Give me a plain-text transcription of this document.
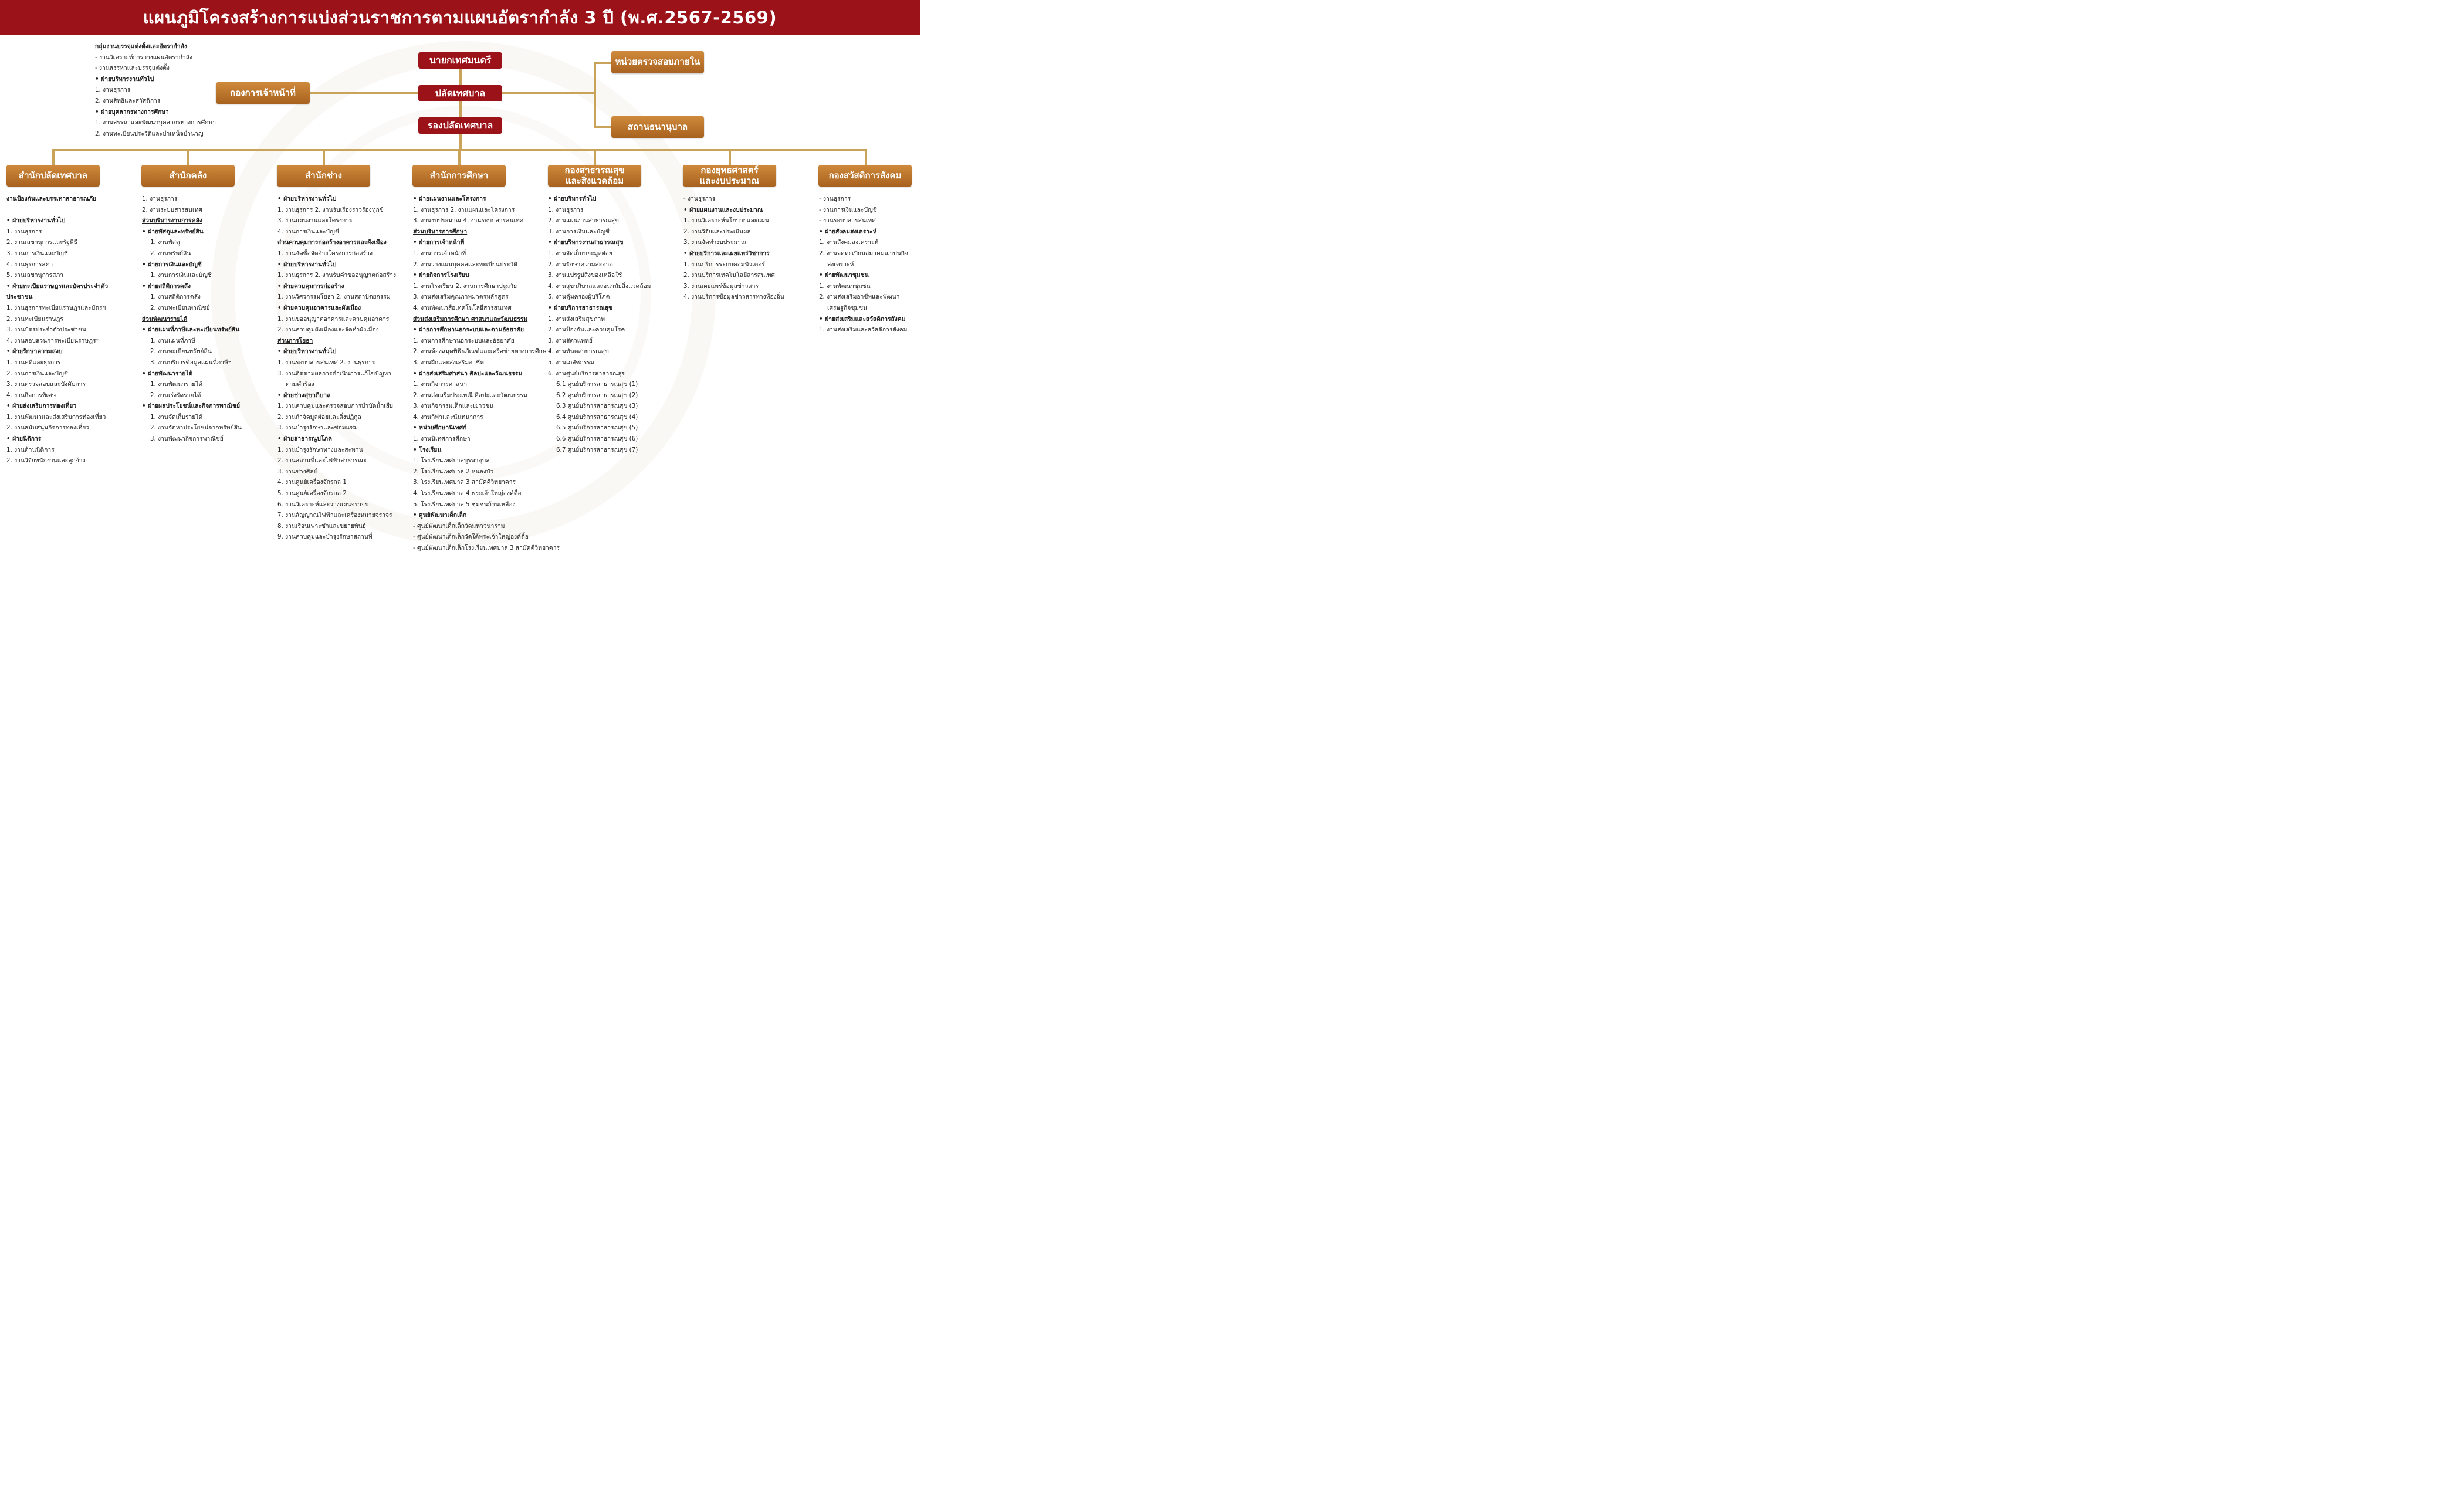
แผนภูมิโครงสร้างการแบ่งส่วนราชการตามแผนอัตรากำลัง 3 ปี (พ.ศ.2567-2569)
นายกเทศมนตรี
ปลัดเทศบาล
รองปลัดเทศบาล
กองการเจ้าหน้าที่
หน่วยตรวจสอบภายใน
สถานธนานุบาล
กลุ่มงานบรรจุแต่งตั้งและอัตรากำลัง
- งานวิเคราะห์การวางแผนอัตรากำลัง
- งานสรรหาและบรรจุแต่งตั้ง
• ฝ่ายบริหารงานทั่วไป
1. งานธุรการ
2. งานสิทธิและสวัสดิการ
• ฝ่ายบุคลากรทางการศึกษา
1. งานสรรหาและพัฒนาบุคลากรทางการศึกษา
2. งานทะเบียนประวัติและบำเหน็จบำนาญ
สำนักปลัดเทศบาล	สำนักคลัง	สำนักช่าง	สำนักการศึกษา	กองสาธารณสุข
และสิ่งแวดล้อม
กองยุทธศาสตร์
และงบประมาณ	กองสวัสดิการสังคม
งานป้องกันและบรรเทาสาธารณภัย
• ฝ่ายบริหารงานทั่วไป
1. งานธุรการ
2. งานเลขานุการและรัฐพิธี
3. งานการเงินและบัญชี
4. งานธุรการสภา
5. งานเลขานุการสภา
• ฝ่ายทะเบียนราษฎรและบัตรประจำตัว
ประชาชน
1. งานธุรการทะเบียนราษฎรและบัตรฯ
2. งานทะเบียนราษฎร
3. งานบัตรประจำตัวประชาชน
4. งานสอบสวนการทะเบียนราษฎรฯ
• ฝ่ายรักษาความสงบ
1. งานคดีและธุรการ
2. งานการเงินและบัญชี
3. งานตรวจสอบและบังคับการ
4. งานกิจการพิเศษ
• ฝ่ายส่งเสริมการท่องเที่ยว
1. งานพัฒนาและส่งเสริมการท่องเที่ยว
2. งานสนับสนุนกิจการท่องเที่ยว
• ฝ่ายนิติการ
1. งานด้านนิติการ
2. งานวิจัยพนักงานและลูกจ้าง
1. งานธุรการ
2. งานระบบสารสนเทศ
ส่วนบริหารงานการคลัง
• ฝ่ายพัสดุและทรัพย์สิน
1. งานพัสดุ
2. งานทรัพย์สิน
• ฝ่ายการเงินและบัญชี
1. งานการเงินและบัญชี
• ฝ่ายสถิติการคลัง
1. งานสถิติการคลัง
2. งานทะเบียนพาณิชย์
ส่วนพัฒนารายได้
• ฝ่ายแผนที่ภาษีและทะเบียนทรัพย์สิน
1. งานแผนที่ภาษี
2. งานทะเบียนทรัพย์สิน
3. งานบริการข้อมูลแผนที่ภาษีฯ
• ฝ่ายพัฒนารายได้
1. งานพัฒนารายได้
2. งานเร่งรัดรายได้
• ฝ่ายผลประโยชน์และกิจการพาณิชย์
1. งานจัดเก็บรายได้
2. งานจัดหาประโยชน์จากทรัพย์สิน
3. งานพัฒนากิจการพาณิชย์
• ฝ่ายบริหารงานทั่วไป
1. งานธุรการ 2. งานรับเรื่องราวร้องทุกข์
3. งานแผนงานและโครงการ
4. งานการเงินและบัญชี
ส่วนควบคุมการก่อสร้างอาคารและผังเมือง
1. งานจัดซื้อจัดจ้างโครงการก่อสร้าง
• ฝ่ายบริหารงานทั่วไป
1. งานธุรการ 2. งานรับคำขออนุญาตก่อสร้าง
• ฝ่ายควบคุมการก่อสร้าง
1. งานวิศวกรรมโยธา 2. งานสถาปัตยกรรม
• ฝ่ายควบคุมอาคารและผังเมือง
1. งานขออนุญาตอาคารและควบคุมอาคาร
2. งานควบคุมผังเมืองและจัดทำผังเมือง
ส่วนการโยธา
• ฝ่ายบริหารงานทั่วไป
1. งานระบบสารสนเทศ 2. งานธุรการ
3. งานติดตามผลการดำเนินการแก้ไขปัญหา
ตามคำร้อง
• ฝ่ายช่างสุขาภิบาล
1. งานควบคุมและตรวจสอบการบำบัดน้ำเสีย
2. งานกำจัดมูลฝอยและสิ่งปฏิกูล
3. งานบำรุงรักษาและซ่อมแซม
• ฝ่ายสาธารณูปโภค
1. งานบำรุงรักษาทางและสะพาน
2. งานสถานที่และไฟฟ้าสาธารณะ
3. งานช่างศิลป์
4. งานศูนย์เครื่องจักรกล 1
5. งานศูนย์เครื่องจักรกล 2
6. งานวิเคราะห์และวางแผนจราจร
7. งานสัญญาณไฟฟ้าและเครื่องหมายจราจร
8. งานเรือนเพาะชำและขยายพันธุ์
9. งานควบคุมและบำรุงรักษาสถานที่
• ฝ่ายแผนงานและโครงการ
1. งานธุรการ 2. งานแผนและโครงการ
3. งานงบประมาณ 4. งานระบบสารสนเทศ
ส่วนบริหารการศึกษา
• ฝ่ายการเจ้าหน้าที่
1. งานการเจ้าหน้าที่
2. งานวางแผนบุคคลและทะเบียนประวัติ
• ฝ่ายกิจการโรงเรียน
1. งานโรงเรียน 2. งานการศึกษาปฐมวัย
3. งานส่งเสริมคุณภาพมาตรหลักสูตร
4. งานพัฒนาสื่อเทคโนโลยีสารสนเทศ
ส่วนส่งเสริมการศึกษา ศาสนาและวัฒนธรรม
• ฝ่ายการศึกษานอกระบบและตามอัธยาศัย
1. งานการศึกษานอกระบบและอัธยาศัย
2. งานห้องสมุดพิพิธภัณฑ์และเครือข่ายทางการศึกษา
3. งานฝึกและส่งเสริมอาชีพ
• ฝ่ายส่งเสริมศาสนา ศิลปะและวัฒนธรรม
1. งานกิจการศาสนา
2. งานส่งเสริมประเพณี ศิลปะและวัฒนธรรม
3. งานกิจกรรมเด็กและเยาวชน
4. งานกีฬาและนันทนาการ
• หน่วยศึกษานิเทศก์
1. งานนิเทศการศึกษา
• โรงเรียน
1. โรงเรียนเทศบาลบูรพาอุบล
2. โรงเรียนเทศบาล 2 หนองบัว
3. โรงเรียนเทศบาล 3 สามัคคีวิทยาคาร
4. โรงเรียนเทศบาล 4 พระเจ้าใหญ่องค์ตื้อ
5. โรงเรียนเทศบาล 5 ชุมชนก้านเหลือง
• ศูนย์พัฒนาเด็กเล็ก
- ศูนย์พัฒนาเด็กเล็กวัดมหาวนาราม
- ศูนย์พัฒนาเด็กเล็กวัดใต้พระเจ้าใหญ่องค์ตื้อ
- ศูนย์พัฒนาเด็กเล็กโรงเรียนเทศบาล 3 สามัคคีวิทยาคาร
• ฝ่ายบริหารทั่วไป
1. งานธุรการ
2. งานแผนงานสาธารณสุข
3. งานการเงินและบัญชี
• ฝ่ายบริหารงานสาธารณสุข
1. งานจัดเก็บขยะมูลฝอย
2. งานรักษาความสะอาด
3. งานแปรรูปสิ่งของเหลือใช้
4. งานสุขาภิบาลและอนามัยสิ่งแวดล้อม
5. งานคุ้มครองผู้บริโภค
• ฝ่ายบริการสาธารณสุข
1. งานส่งเสริมสุขภาพ
2. งานป้องกันและควบคุมโรค
3. งานสัตวแพทย์
4. งานทันตสาธารณสุข
5. งานเภสัชกรรม
6. งานศูนย์บริการสาธารณสุข
6.1 ศูนย์บริการสาธารณสุข (1)
6.2 ศูนย์บริการสาธารณสุข (2)
6.3 ศูนย์บริการสาธารณสุข (3)
6.4 ศูนย์บริการสาธารณสุข (4)
6.5 ศูนย์บริการสาธารณสุข (5)
6.6 ศูนย์บริการสาธารณสุข (6)
6.7 ศูนย์บริการสาธารณสุข (7)
- งานธุรการ
• ฝ่ายแผนงานและงบประมาณ
1. งานวิเคราะห์นโยบายและแผน
2. งานวิจัยและประเมินผล
3. งานจัดทำงบประมาณ
• ฝ่ายบริการและเผยแพร่วิชาการ
1. งานบริการระบบคอมพิวเตอร์
2. งานบริการเทคโนโลยีสารสนเทศ
3. งานเผยแพร่ข้อมูลข่าวสาร
4. งานบริการข้อมูลข่าวสารทางท้องถิ่น
- งานธุรการ
- งานการเงินและบัญชี
- งานระบบสารสนเทศ
• ฝ่ายสังคมสงเคราะห์
1. งานสังคมสงเคราะห์
2. งานจดทะเบียนสมาคมฌาปนกิจ
สงเคราะห์
• ฝ่ายพัฒนาชุมชน
1. งานพัฒนาชุมชน
2. งานส่งเสริมอาชีพและพัฒนา
เศรษฐกิจชุมชน
• ฝ่ายส่งเสริมและสวัสดิการสังคม
1. งานส่งเสริมและสวัสดิการสังคม
